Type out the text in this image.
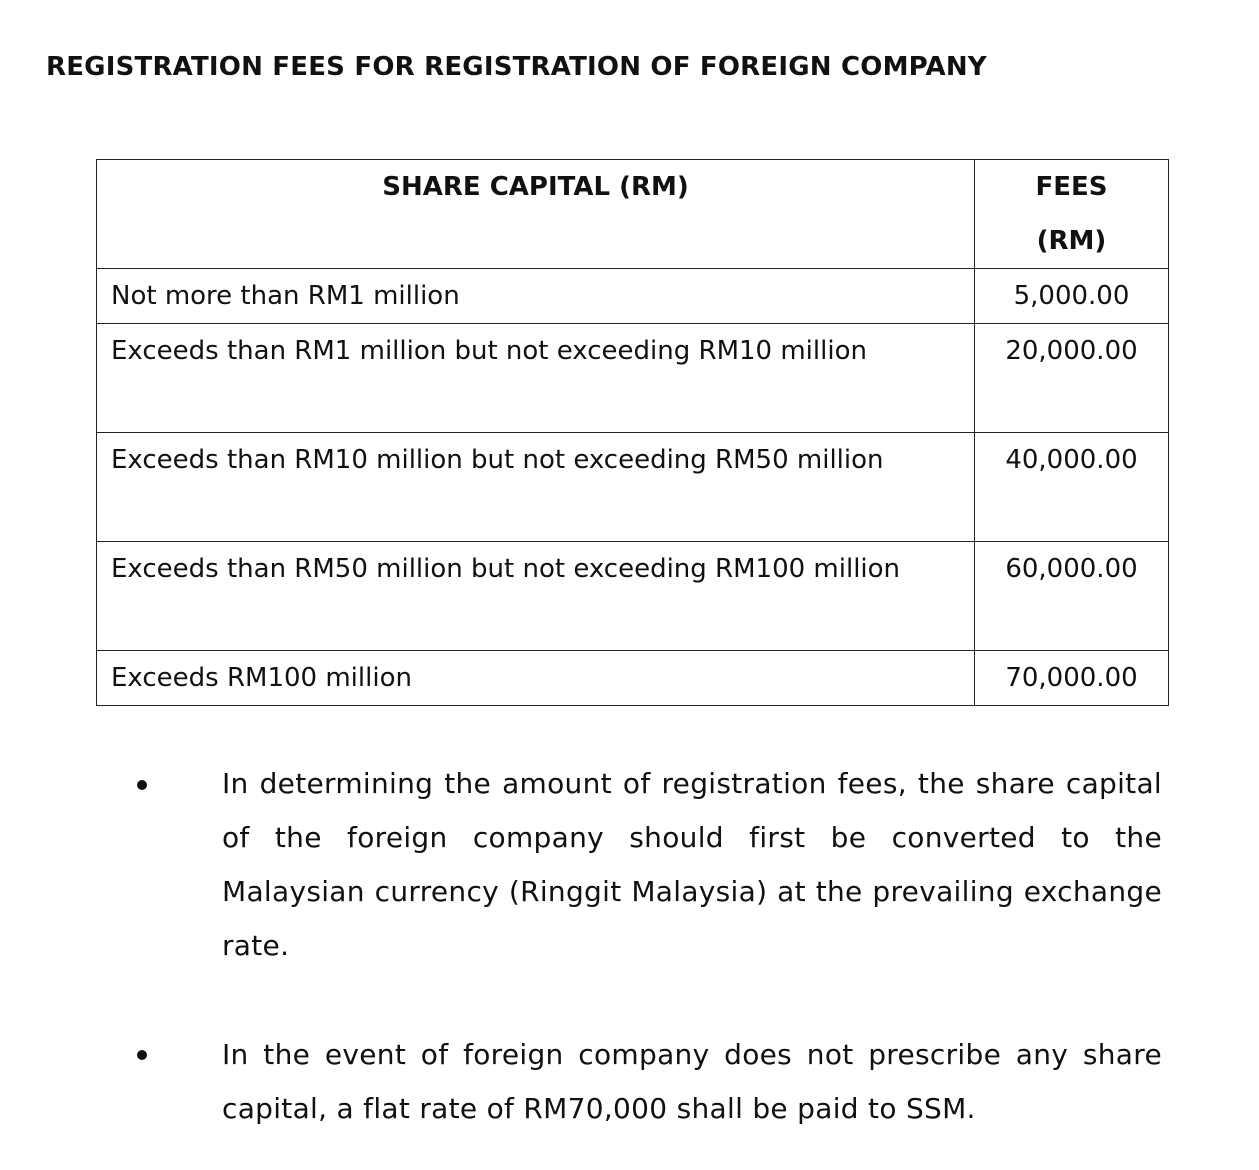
REGISTRATION FEES FOR REGISTRATION OF FOREIGN COMPANY
SHARE CAPITAL (RM)	FEES
(RM)

Not more than RM1 million	5,000.00
Exceeds than RM1 million but not exceeding RM10 million	20,000.00
Exceeds than RM10 million but not exceeding RM50 million	40,000.00
Exceeds than RM50 million but not exceeding RM100 million	60,000.00
Exceeds RM100 million	70,000.00

In determining the amount of registration fees, the share capital of the foreign company should first be converted to the Malaysian currency (Ringgit Malaysia) at the prevailing exchange rate.

In the event of foreign company does not prescribe any share capital, a flat rate of RM70,000 shall be paid to SSM.
